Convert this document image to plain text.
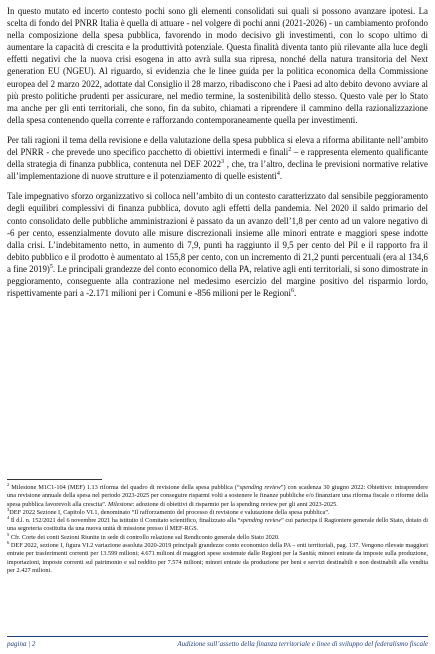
In questo mutato ed incerto contesto pochi sono gli elementi consolidati sui quali si possono avanzare ipotesi. La scelta di fondo del PNRR Italia è quella di attuare - nel volgere di pochi anni (2021-2026) - un cambiamento profondo nella composizione della spesa pubblica, favorendo in modo decisivo gli investimenti, con lo scopo ultimo di aumentare la capacità di crescita e la produttività potenziale. Questa finalità diventa tanto più rilevante alla luce degli effetti negativi che la nuova crisi esogena in atto avrà sulla sua ripresa, nonché della natura transitoria del Next generation EU (NGEU). Al riguardo, si evidenzia che le linee guida per la politica economica della Commissione europea del 2 marzo 2022, adottate dal Consiglio il 28 marzo, ribadiscono che i Paesi ad alto debito devono avviare al più presto politiche prudenti per assicurare, nel medio termine, la sostenibilità dello stesso. Questo vale per lo Stato ma anche per gli enti territoriali, che sono, fin da subito, chiamati a riprendere il cammino della razionalizzazione della spesa contenendo quella corrente e rafforzando contemporaneamente quella per investimenti.

Per tali ragioni il tema della revisione e della valutazione della spesa pubblica si eleva a riforma abilitante nell’ambito del PNRR - che prevede uno specifico pacchetto di obiettivi intermedi e finali$^2$ – e rappresenta elemento qualificante della strategia di finanza pubblica, contenuta nel DEF 2022$^3$ , che, tra l’altro, declina le previsioni normative relative all’implementazione di nuove strutture e il potenziamento di quelle esistenti$^4$.

Tale impegnativo sforzo organizzativo si colloca nell’ambito di un contesto caratterizzato dal sensibile peggioramento degli equilibri complessivi di finanza pubblica, dovuto agli effetti della pandemia. Nel 2020 il saldo primario del conto consolidato delle pubbliche amministrazioni è passato da un avanzo dell’1,8 per cento ad un valore negativo di -6 per cento, essenzialmente dovuto alle misure discrezionali insieme alle minori entrate e maggiori spese indotte dalla crisi. L’indebitamento netto, in aumento di 7,9, punti ha raggiunto il 9,5 per cento del Pil e il rapporto fra il debito pubblico e il prodotto è aumentato al 155,8 per cento, con un incremento di 21,2 punti percentuali (era al 134,6 a fine 2019)$^5$. Le principali grandezze del conto economico della PA, relative agli enti territoriali, si sono dimostrate in peggioramento, conseguente alla contrazione nel medesimo esercizio del margine positivo del risparmio lordo, rispettivamente pari a -2.171 milioni per i Comuni e -856 milioni per le Regioni$^6$.

$^2$ Milestone M1C1-104 (MEF) 1.13 riforma del quadro di revisione della spesa pubblica (“spending review”) con scadenza 30 giugno 2022: Obiettivo: intraprendere una revisione annuale della spesa nel periodo 2023-2025 per conseguire risparmi volti a sostenere le finanze pubbliche e/o finanziare una riforma fiscale o riforme della spesa pubblica favorevoli alla crescita”. Milestone: adozione di obiettivi di risparmio per la spending review per gli anni 2023-2025.

$^3$DEF 2022 Sezione I, Capitolo VI.1, denominato “Il rafforzamento del processo di revisione e valutazione della spesa pubblica”.

$^4$ Il d.l. n. 152/2021 del 6 novembre 2021 ha istituito il Comitato scientifico, finalizzato alla “spending review” cui partecipa il Ragioniere generale dello Stato, dotato di una segreteria costituita da una nuova unità di missione presso il MEF-RGS.

$^5$ Cfr. Corte dei conti Sezioni Riunite in sede di controllo relazione sul Rendiconto generale dello Stato 2020.

$^6$ DEF 2022, sezione I, figura VI.2 variazione assoluta 2020-2019 principali grandezze conto economico della PA – enti territoriali, pag. 137. Vengono rilevate maggiori entrate per trasferimenti correnti per 13.599 milioni; 4.671 milioni di maggiori spese sostenute dalle Regioni per la Sanità; minori entrate da imposte sulla produzione, importazioni, imposte correnti sul patrimonio e sul reddito per 7.574 milioni; minori entrate da produzione per beni e servizi destinabili e non destinabili alla vendita per 2.427 milioni.

pagina | 2	Audizione sull’assetto della finanza territoriale e linee di sviluppo del federalismo fiscale
